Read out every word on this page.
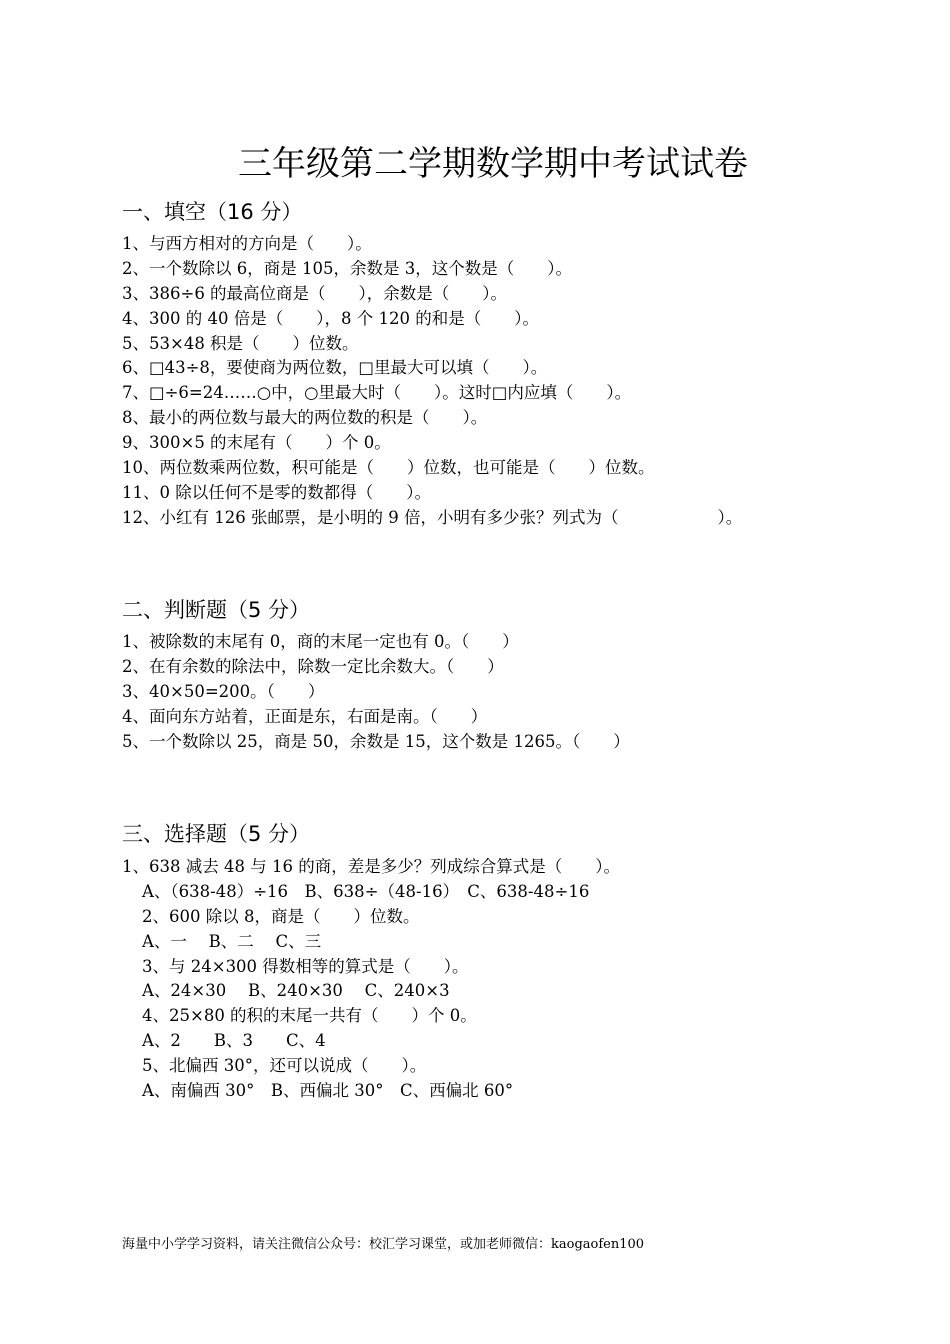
三年级第二学期数学期中考试试卷
一、填空（16 分）
1、与西方相对的方向是（　　）。
2、一个数除以 6，商是 105，余数是 3，这个数是（　　）。
3、386÷6 的最高位商是（　　），余数是（　　）。
4、300 的 40 倍是（　　），8 个 120 的和是（　　）。
5、53×48 积是（　　）位数。
6、□43÷8，要使商为两位数，□里最大可以填（　　）。
7、□÷6=24……○中，○里最大时（　　）。这时□内应填（　　）。
8、最小的两位数与最大的两位数的积是（　　）。
9、300×5 的末尾有（　　）个 0。
10、两位数乘两位数，积可能是（　　）位数，也可能是（　　）位数。
11、0 除以任何不是零的数都得（　　）。
12、小红有 126 张邮票，是小明的 9 倍，小明有多少张？列式为（　　　　　　）。
二、判断题（5 分）
1、被除数的末尾有 0，商的末尾一定也有 0。（　　）
2、在有余数的除法中，除数一定比余数大。（　　）
3、40×50=200。（　　）
4、面向东方站着，正面是东，右面是南。（　　）
5、一个数除以 25，商是 50，余数是 15，这个数是 1265。（　　）
三、选择题（5 分）
1、638 减去 48 与 16 的商，差是多少？列成综合算式是（　　）。
A、（638-48）÷16　B、638÷（48-16）　C、638-48÷16
2、600 除以 8，商是（　　）位数。
A、一　 B、二　 C、三
3、与 24×300 得数相等的算式是（　　）。
A、24×30　 B、240×30　 C、240×3
4、25×80 的积的末尾一共有（　　）个 0。
A、2　　B、3　　C、4
5、北偏西 30°，还可以说成（　　）。
A、南偏西 30°　B、西偏北 30°　C、西偏北 60°
海量中小学学习资料，请关注微信公众号：校汇学习课堂，或加老师微信：kaogaofen100
